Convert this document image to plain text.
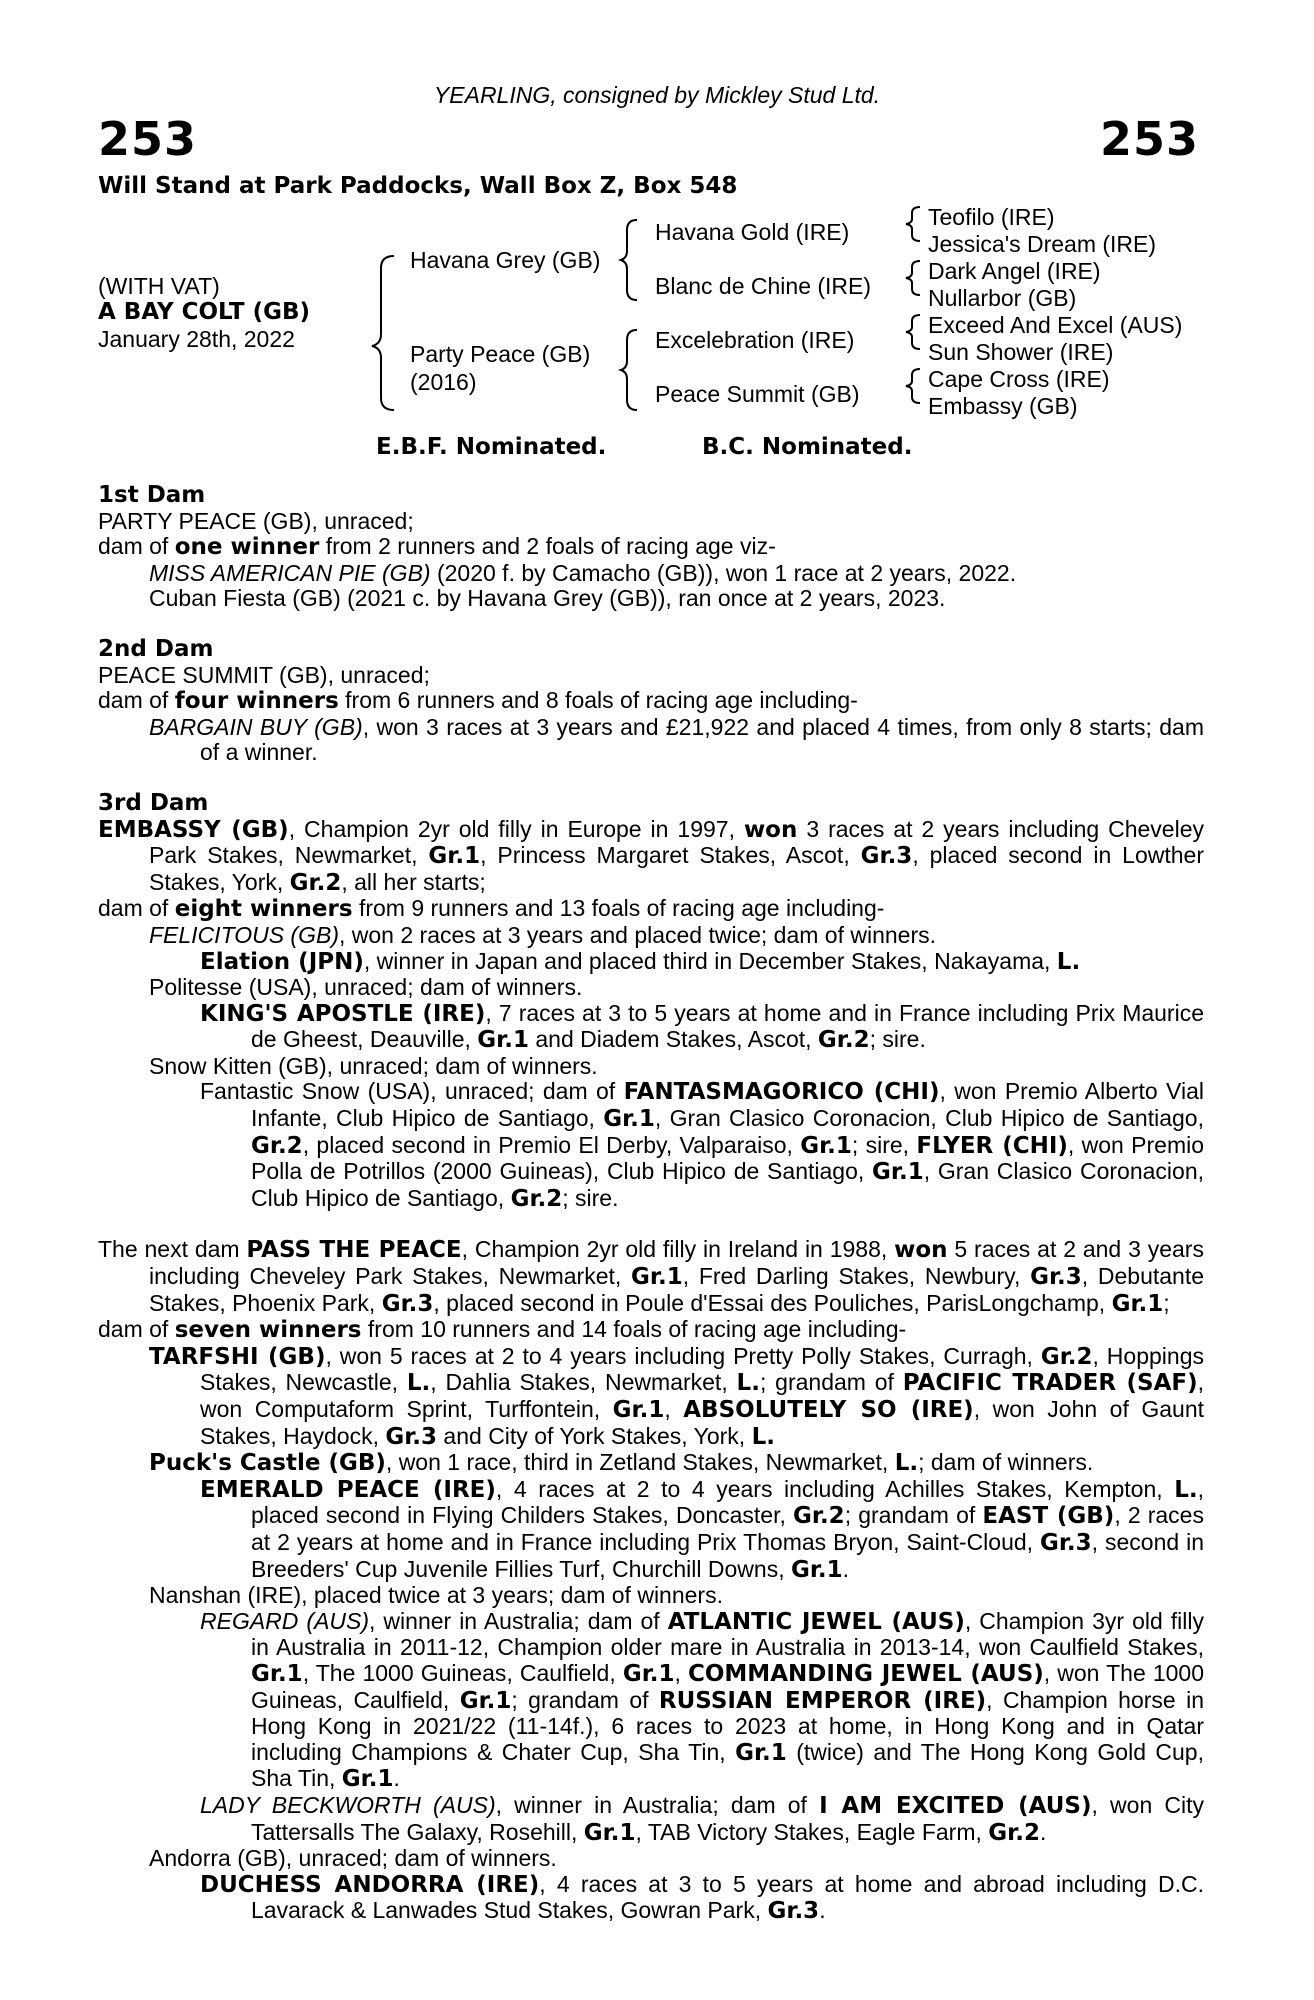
YEARLING, consigned by Mickley Stud Ltd.
253	253
Will Stand at Park Paddocks, Wall Box Z, Box 548
(WITH VAT)
A BAY COLT (GB)
January 28th, 2022
Havana Grey (GB)
Party Peace (GB)
(2016)
Havana Gold (IRE)
Blanc de Chine (IRE)
Excelebration (IRE)
Peace Summit (GB)
Teofilo (IRE)
Jessica's Dream (IRE)
Dark Angel (IRE)
Nullarbor (GB)
Exceed And Excel (AUS)
Sun Shower (IRE)
Cape Cross (IRE)
Embassy (GB)
E.B.F. Nominated.	B.C. Nominated.

1st Dam

PARTY PEACE (GB), unraced;

dam of one winner from 2 runners and 2 foals of racing age viz-

MISS AMERICAN PIE (GB) (2020 f. by Camacho (GB)), won 1 race at 2 years, 2022.

Cuban Fiesta (GB) (2021 c. by Havana Grey (GB)), ran once at 2 years, 2023.

2nd Dam

PEACE SUMMIT (GB), unraced;

dam of four winners from 6 runners and 8 foals of racing age including-

BARGAIN BUY (GB), won 3 races at 3 years and £21,922 and placed 4 times, from only 8 starts; dam of a winner.

3rd Dam

EMBASSY (GB), Champion 2yr old filly in Europe in 1997, won 3 races at 2 years including Cheveley Park Stakes, Newmarket, Gr.1, Princess Margaret Stakes, Ascot, Gr.3, placed second in Lowther Stakes, York, Gr.2, all her starts;

dam of eight winners from 9 runners and 13 foals of racing age including-

FELICITOUS (GB), won 2 races at 3 years and placed twice; dam of winners.

Elation (JPN), winner in Japan and placed third in December Stakes, Nakayama, L.

Politesse (USA), unraced; dam of winners.

KING'S APOSTLE (IRE), 7 races at 3 to 5 years at home and in France including Prix Maurice de Gheest, Deauville, Gr.1 and Diadem Stakes, Ascot, Gr.2; sire.

Snow Kitten (GB), unraced; dam of winners.

Fantastic Snow (USA), unraced; dam of FANTASMAGORICO (CHI), won Premio Alberto Vial Infante, Club Hipico de Santiago, Gr.1, Gran Clasico Coronacion, Club Hipico de Santiago, Gr.2, placed second in Premio El Derby, Valparaiso, Gr.1; sire, FLYER (CHI), won Premio Polla de Potrillos (2000 Guineas), Club Hipico de Santiago, Gr.1, Gran Clasico Coronacion, Club Hipico de Santiago, Gr.2; sire.

The next dam PASS THE PEACE, Champion 2yr old filly in Ireland in 1988, won 5 races at 2 and 3 years including Cheveley Park Stakes, Newmarket, Gr.1, Fred Darling Stakes, Newbury, Gr.3, Debutante Stakes, Phoenix Park, Gr.3, placed second in Poule d'Essai des Pouliches, ParisLongchamp, Gr.1;

dam of seven winners from 10 runners and 14 foals of racing age including-

TARFSHI (GB), won 5 races at 2 to 4 years including Pretty Polly Stakes, Curragh, Gr.2, Hoppings Stakes, Newcastle, L., Dahlia Stakes, Newmarket, L.; grandam of PACIFIC TRADER (SAF), won Computaform Sprint, Turffontein, Gr.1, ABSOLUTELY SO (IRE), won John of Gaunt Stakes, Haydock, Gr.3 and City of York Stakes, York, L.

Puck's Castle (GB), won 1 race, third in Zetland Stakes, Newmarket, L.; dam of winners.

EMERALD PEACE (IRE), 4 races at 2 to 4 years including Achilles Stakes, Kempton, L., placed second in Flying Childers Stakes, Doncaster, Gr.2; grandam of EAST (GB), 2 races at 2 years at home and in France including Prix Thomas Bryon, Saint-Cloud, Gr.3, second in Breeders' Cup Juvenile Fillies Turf, Churchill Downs, Gr.1.

Nanshan (IRE), placed twice at 3 years; dam of winners.

REGARD (AUS), winner in Australia; dam of ATLANTIC JEWEL (AUS), Champion 3yr old filly in Australia in 2011-12, Champion older mare in Australia in 2013-14, won Caulfield Stakes, Gr.1, The 1000 Guineas, Caulfield, Gr.1, COMMANDING JEWEL (AUS), won The 1000 Guineas, Caulfield, Gr.1; grandam of RUSSIAN EMPEROR (IRE), Champion horse in Hong Kong in 2021/22 (11-14f.), 6 races to 2023 at home, in Hong Kong and in Qatar including Champions & Chater Cup, Sha Tin, Gr.1 (twice) and The Hong Kong Gold Cup, Sha Tin, Gr.1.

LADY BECKWORTH (AUS), winner in Australia; dam of I AM EXCITED (AUS), won City Tattersalls The Galaxy, Rosehill, Gr.1, TAB Victory Stakes, Eagle Farm, Gr.2.

Andorra (GB), unraced; dam of winners.

DUCHESS ANDORRA (IRE), 4 races at 3 to 5 years at home and abroad including D.C. Lavarack & Lanwades Stud Stakes, Gowran Park, Gr.3.
